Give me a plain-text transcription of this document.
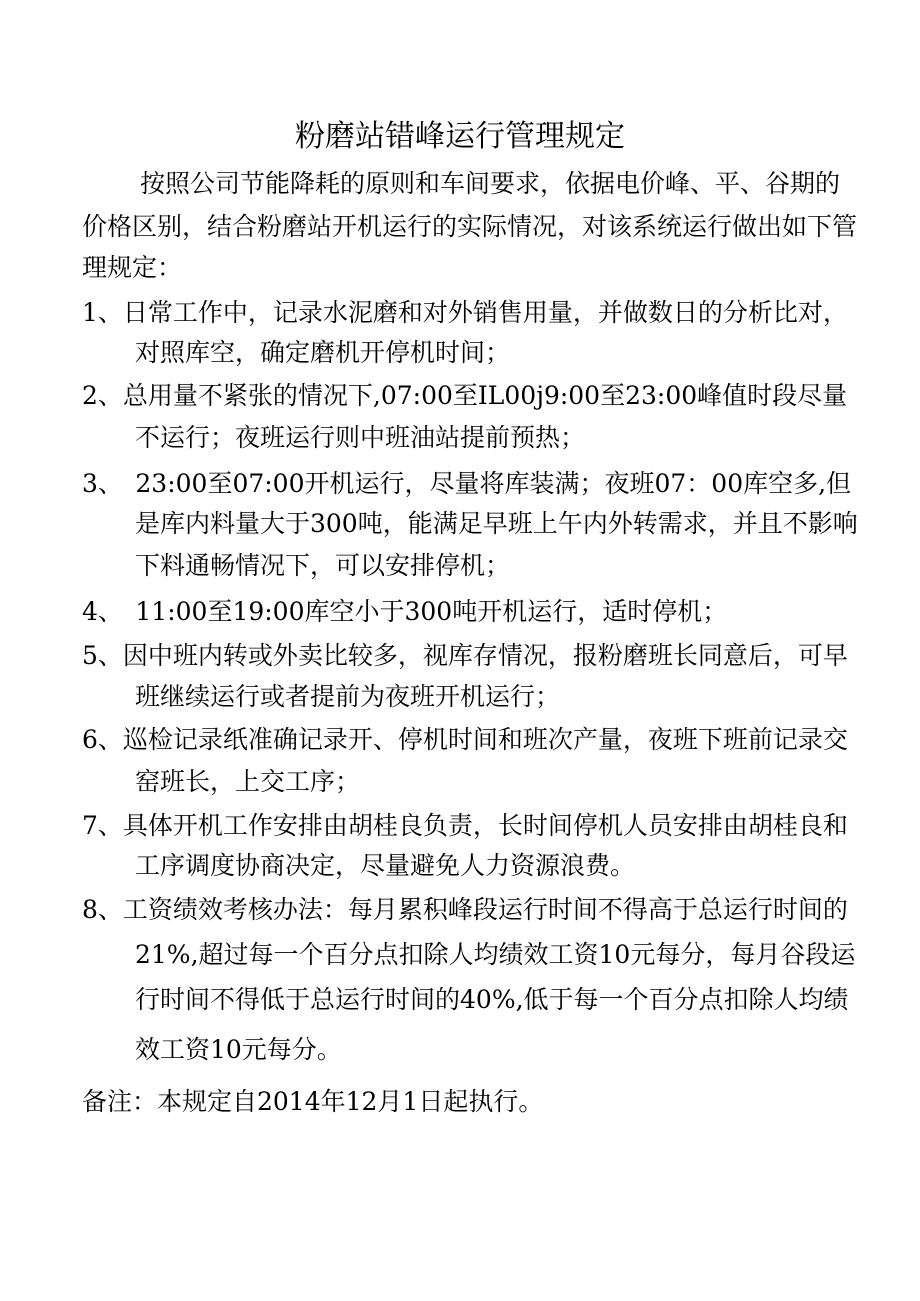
粉磨站错峰运行管理规定
按照公司节能降耗的原则和车间要求，依据电价峰、平、谷期的
价格区别，结合粉磨站开机运行的实际情况，对该系统运行做出如下管
理规定：
1、日常工作中，记录水泥磨和对外销售用量，并做数日的分析比对，
对照库空，确定磨机开停机时间；
2、总用量不紧张的情况下,07:00至IL00j9:00至23:00峰值时段尽量
不运行；夜班运行则中班油站提前预热；
3、　23:00至07:00开机运行，尽量将库装满；夜班07：00库空多,但
是库内料量大于300吨，能满足早班上午内外转需求，并且不影响
下料通畅情况下，可以安排停机；
4、　11:00至19:00库空小于300吨开机运行，适时停机；
5、因中班内转或外卖比较多，视库存情况，报粉磨班长同意后，可早
班继续运行或者提前为夜班开机运行；
6、巡检记录纸准确记录开、停机时间和班次产量，夜班下班前记录交
窑班长，上交工序；
7、具体开机工作安排由胡桂良负责，长时间停机人员安排由胡桂良和
工序调度协商决定，尽量避免人力资源浪费。
8、工资绩效考核办法：每月累积峰段运行时间不得高于总运行时间的
21%,超过每一个百分点扣除人均绩效工资10元每分，每月谷段运
行时间不得低于总运行时间的40%,低于每一个百分点扣除人均绩
效工资10元每分。
备注：本规定自2014年12月1日起执行。
